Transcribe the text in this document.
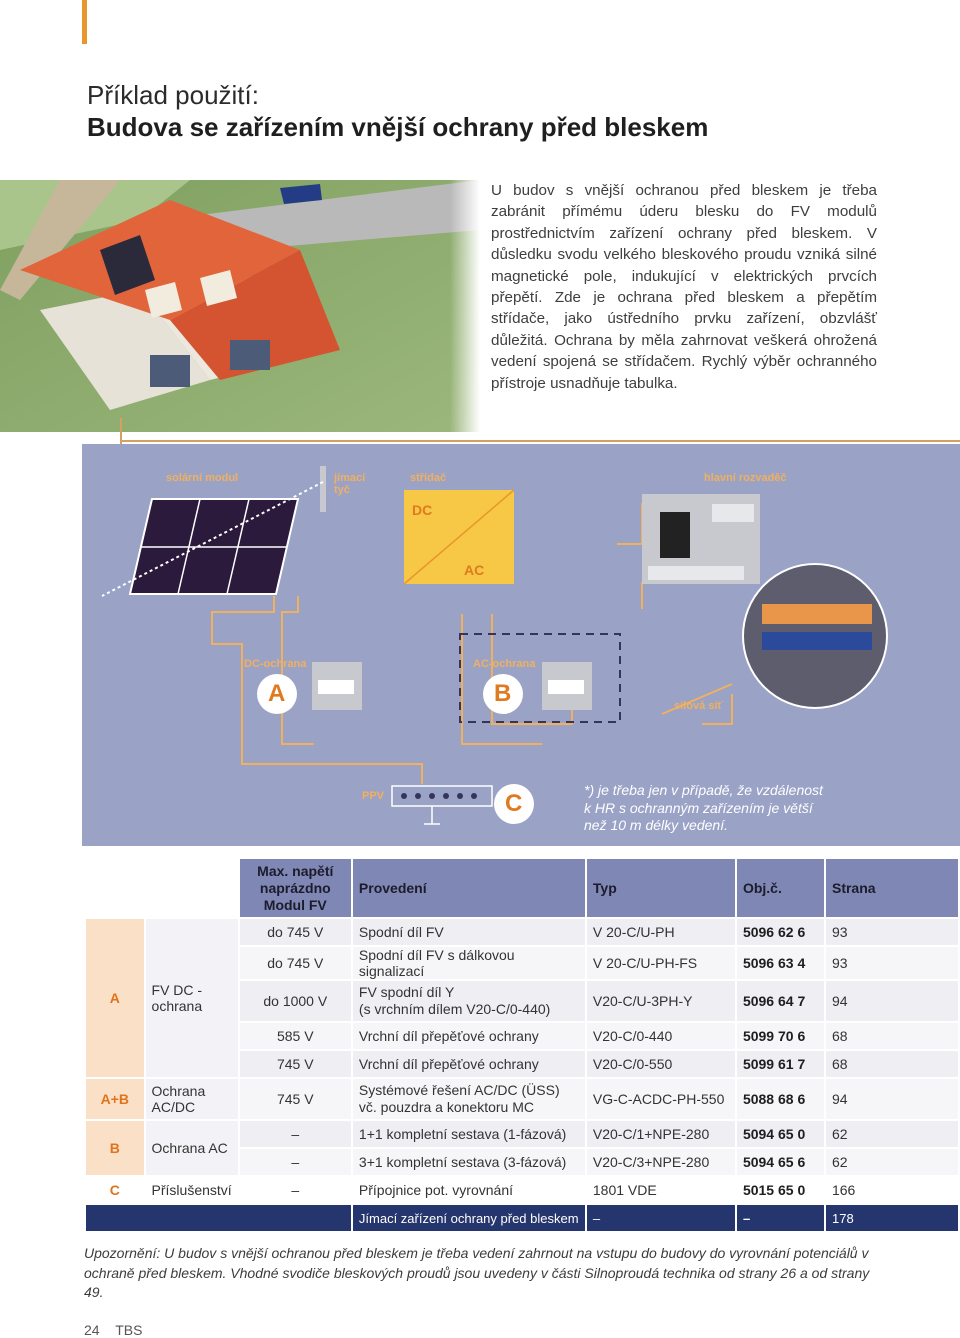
Příklad použití:
Budova se zařízením vnější ochrany před bleskem

U budov s vnější ochranou před bleskem je třeba zabránit přímému úderu blesku do FV modulů prostřednictvím zařízení ochrany před bleskem. V důsledku svodu velkého bleskového proudu vzniká silné magnetické pole, indukující v elektrických prvcích přepětí. Zde je ochrana před bleskem a přepětím střídače, jako ústředního prvku zařízení, obzvlášť důležitá. Ochrana by měla zahrnovat veškerá ohrožená vedení spojená se střídačem. Rychlý výběr ochranného přístroje usnadňuje tabulka.

solární modul	jímací
tyč
střídač
DC
AC
hlavní rozvaděč
DC-ochrana	AC-ochrana
A	B
C
silová síť
PPV	*) je třeba jen v případě, že vzdálenost k HR s ochranným zařízením je větší než 10 m délky vedení.

		Max. napětí naprázdno Modul FV	Provedení	Typ	Obj.č.	Strana
A	FV DC - ochrana	do 745 V	Spodní díl FV	V 20-C/U-PH	5096 62 6	93
		do 745 V	Spodní díl FV s dálkovou signalizací	V 20-C/U-PH-FS	5096 63 4	93
		do 1000 V	FV spodní díl Y
(s vrchním dílem V20-C/0-440)	V20-C/U-3PH-Y	5096 64 7	94
		585 V	Vrchní díl přepěťové ochrany	V20-C/0-440	5099 70 6	68
		745 V	Vrchní díl přepěťové ochrany	V20-C/0-550	5099 61 7	68
A+B	Ochrana AC/DC	745 V	Systémové řešení AC/DC (ÜSS)
vč. pouzdra a konektoru MC	VG-C-ACDC-PH-550	5088 68 6	94
B	Ochrana AC	–	1+1 kompletní sestava (1-fázová)	V20-C/1+NPE-280	5094 65 0	62
		–	3+1 kompletní sestava (3-fázová)	V20-C/3+NPE-280	5094 65 6	62
C	Příslušenství	–	Přípojnice pot. vyrovnání	1801 VDE	5015 65 0	166
			Jímací zařízení ochrany před bleskem	–	–	178

Upozornění: U budov s vnější ochranou před bleskem je třeba vedení zahrnout na vstupu do budovy do vyrovnání potenciálů v ochraně před bleskem. Vhodné svodiče bleskových proudů jsou uvedeny v části Silnoproudá technika od strany 26 a od strany 49.

24 TBS
